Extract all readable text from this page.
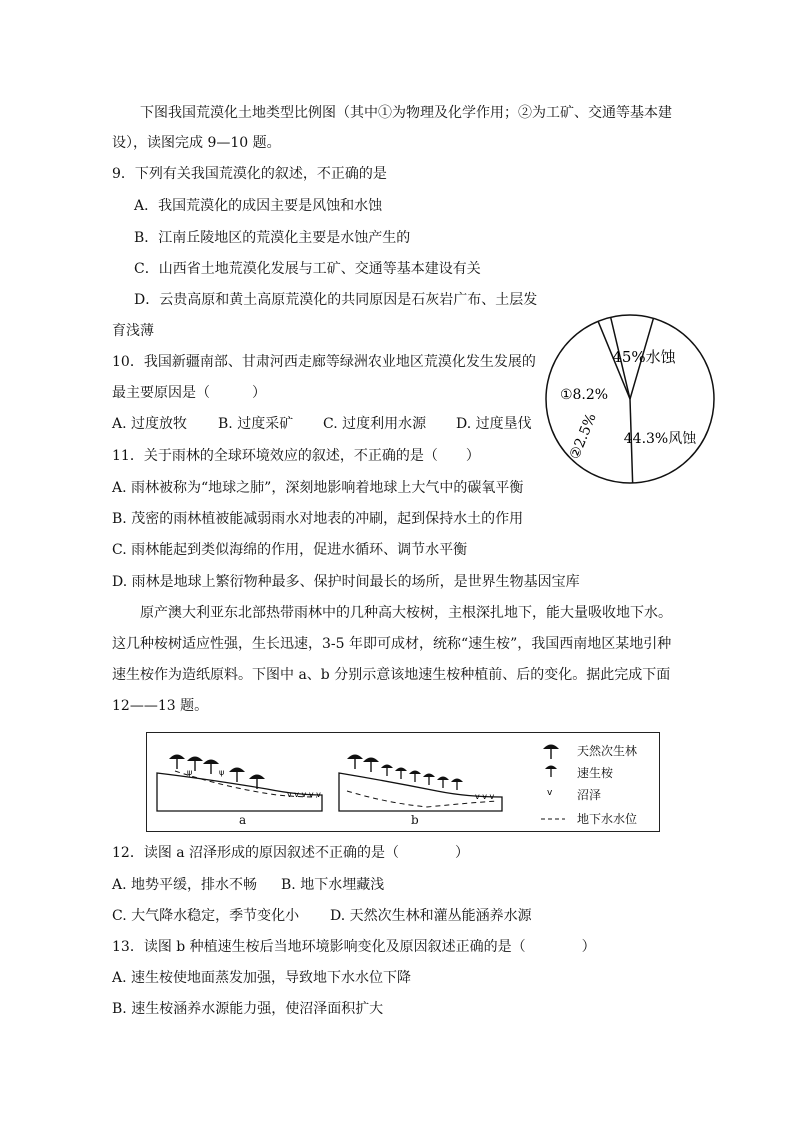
下图我国荒漠化土地类型比例图（其中①为物理及化学作用；②为工矿、交通等基本建
设），读图完成 9—10 题。
9．下列有关我国荒漠化的叙述，不正确的是
A．我国荒漠化的成因主要是风蚀和水蚀
B．江南丘陵地区的荒漠化主要是水蚀产生的
C．山西省土地荒漠化发展与工矿、交通等基本建设有关
D．云贵高原和黄土高原荒漠化的共同原因是石灰岩广布、土层发
育浅薄
10．我国新疆南部、甘肃河西走廊等绿洲农业地区荒漠化发生发展的
最主要原因是（　　　）
A. 过度放牧 B. 过度采矿 C. 过度利用水源 D. 过度垦伐
45%水蚀
44.3%风蚀
①8.2%
②2.5%
11．关于雨林的全球环境效应的叙述，不正确的是（　　）
A. 雨林被称为“地球之肺”，深刻地影响着地球上大气中的碳氧平衡
B. 茂密的雨林植被能减弱雨水对地表的冲刷，起到保持水土的作用
C. 雨林能起到类似海绵的作用，促进水循环、调节水平衡
D. 雨林是地球上繁衍物种最多、保护时间最长的场所，是世界生物基因宝库
原产澳大利亚东北部热带雨林中的几种高大桉树，主根深扎地下，能大量吸收地下水。
这几种桉树适应性强，生长迅速，3-5 年即可成材，统称“速生桉”，我国西南地区某地引种
速生桉作为造纸原料。下图中 a、b 分别示意该地速生桉种植前、后的变化。据此完成下面
12——13 题。
v v v v v
ψ	ψ
v v v	v
a	b
天然次生林
速生桉
沼泽
地下水水位
12．读图 a 沼泽形成的原因叙述不正确的是（　　　　）
A. 地势平缓，排水不畅 B. 地下水埋藏浅
C. 大气降水稳定，季节变化小 D. 天然次生林和灌丛能涵养水源
13．读图 b 种植速生桉后当地环境影响变化及原因叙述正确的是（　　　　）
A. 速生桉使地面蒸发加强，导致地下水水位下降
B. 速生桉涵养水源能力强，使沼泽面积扩大
